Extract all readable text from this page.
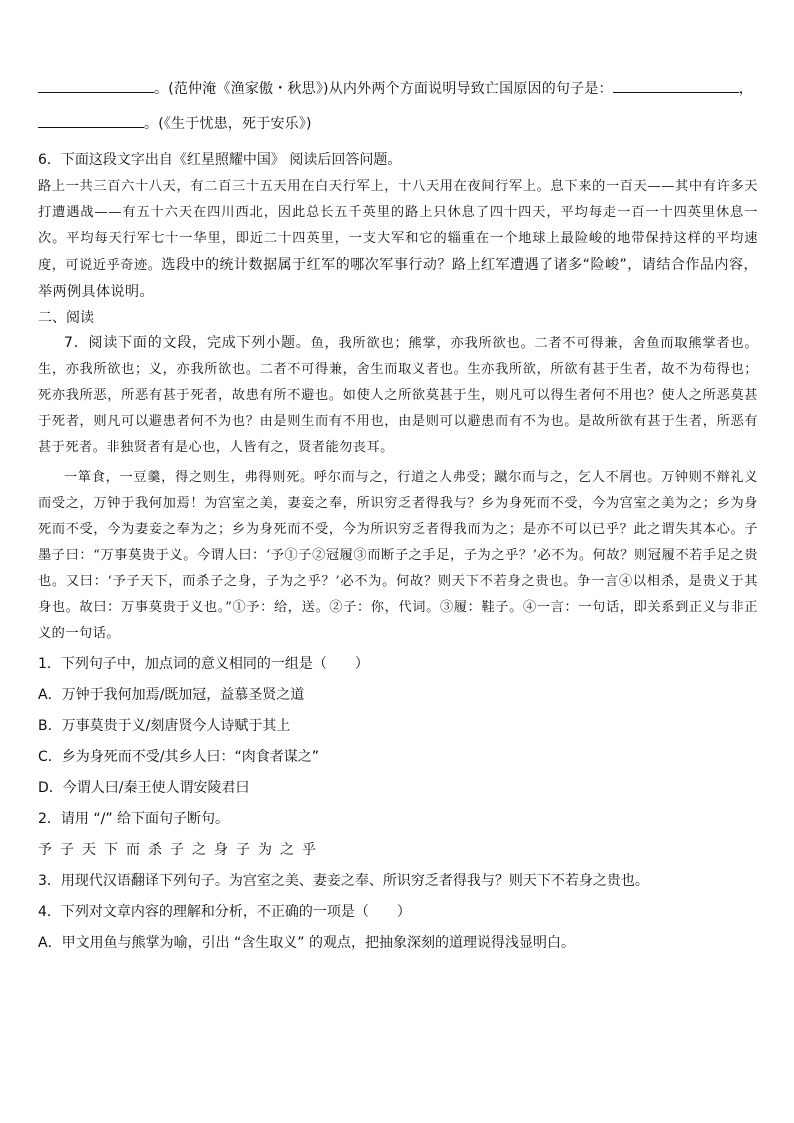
。(范仲淹《渔家傲・秋思》)从内外两个方面说明导致亡国原因的句子是：	，
。(《生于忧患，死于安乐》)
6．下面这段文字出自《红星照耀中国》 阅读后回答问题。
路上一共三百六十八天，有二百三十五天用在白天行军上，十八天用在夜间行军上。息下来的一百天——其中有许多天打遭遇战——有五十六天在四川西北，因此总长五千英里的路上只休息了四十四天，平均每走一百一十四英里休息一次。平均每天行军七十一华里，即近二十四英里，一支大军和它的辎重在一个地球上最险峻的地带保持这样的平均速度，可说近乎奇迹。选段中的统计数据属于红军的哪次军事行动？路上红军遭遇了诸多“险峻”，请结合作品内容，举两例具体说明。
二、阅读
7．阅读下面的文段，完成下列小题。鱼，我所欲也；熊掌，亦我所欲也。二者不可得兼，舍鱼而取熊掌者也。生，亦我所欲也；义，亦我所欲也。二者不可得兼，舍生而取义者也。生亦我所欲，所欲有甚于生者，故不为苟得也；死亦我所恶，所恶有甚于死者，故患有所不避也。如使人之所欲莫甚于生，则凡可以得生者何不用也？使人之所恶莫甚于死者，则凡可以避患者何不为也？由是则生而有不用也，由是则可以避患而有不为也。是故所欲有甚于生者，所恶有甚于死者。非独贤者有是心也，人皆有之，贤者能勿丧耳。
一箪食，一豆羹，得之则生，弗得则死。呼尔而与之，行道之人弗受；蹴尔而与之，乞人不屑也。万钟则不辩礼义而受之，万钟于我何加焉！为宫室之美，妻妾之奉，所识穷乏者得我与？乡为身死而不受，今为宫室之美为之；乡为身死而不受，今为妻妾之奉为之；乡为身死而不受，今为所识穷乏者得我而为之；是亦不可以已乎？此之谓失其本心。子墨子曰：“万事莫贵于义。今谓人曰：‘予①子②冠履③而断子之手足，子为之乎？’必不为。何故？则冠履不若手足之贵也。又曰：‘予子天下，而杀子之身，子为之乎？’必不为。何故？则天下不若身之贵也。争一言④以相杀，是贵义于其身也。故曰：万事莫贵于义也。”①予：给，送。②子：你，代词。③履：鞋子。④一言：一句话，即关系到正义与非正义的一句话。
1．下列句子中，加点词的意义相同的一组是（　　）
A．万钟于我何加焉/既加冠，益慕圣贤之道
B．万事莫贵于义/刻唐贤今人诗赋于其上
C．乡为身死而不受/其乡人曰：“肉食者谋之”
D．今谓人曰/秦王使人谓安陵君曰
2．请用 “/” 给下面句子断句。
予子天下而杀子之身子为之乎
3．用现代汉语翻译下列句子。为宫室之美、妻妾之奉、所识穷乏者得我与？则天下不若身之贵也。
4．下列对文章内容的理解和分析，不正确的一项是（　　）
A．甲文用鱼与熊掌为喻，引出 “含生取义” 的观点，把抽象深刻的道理说得浅显明白。
